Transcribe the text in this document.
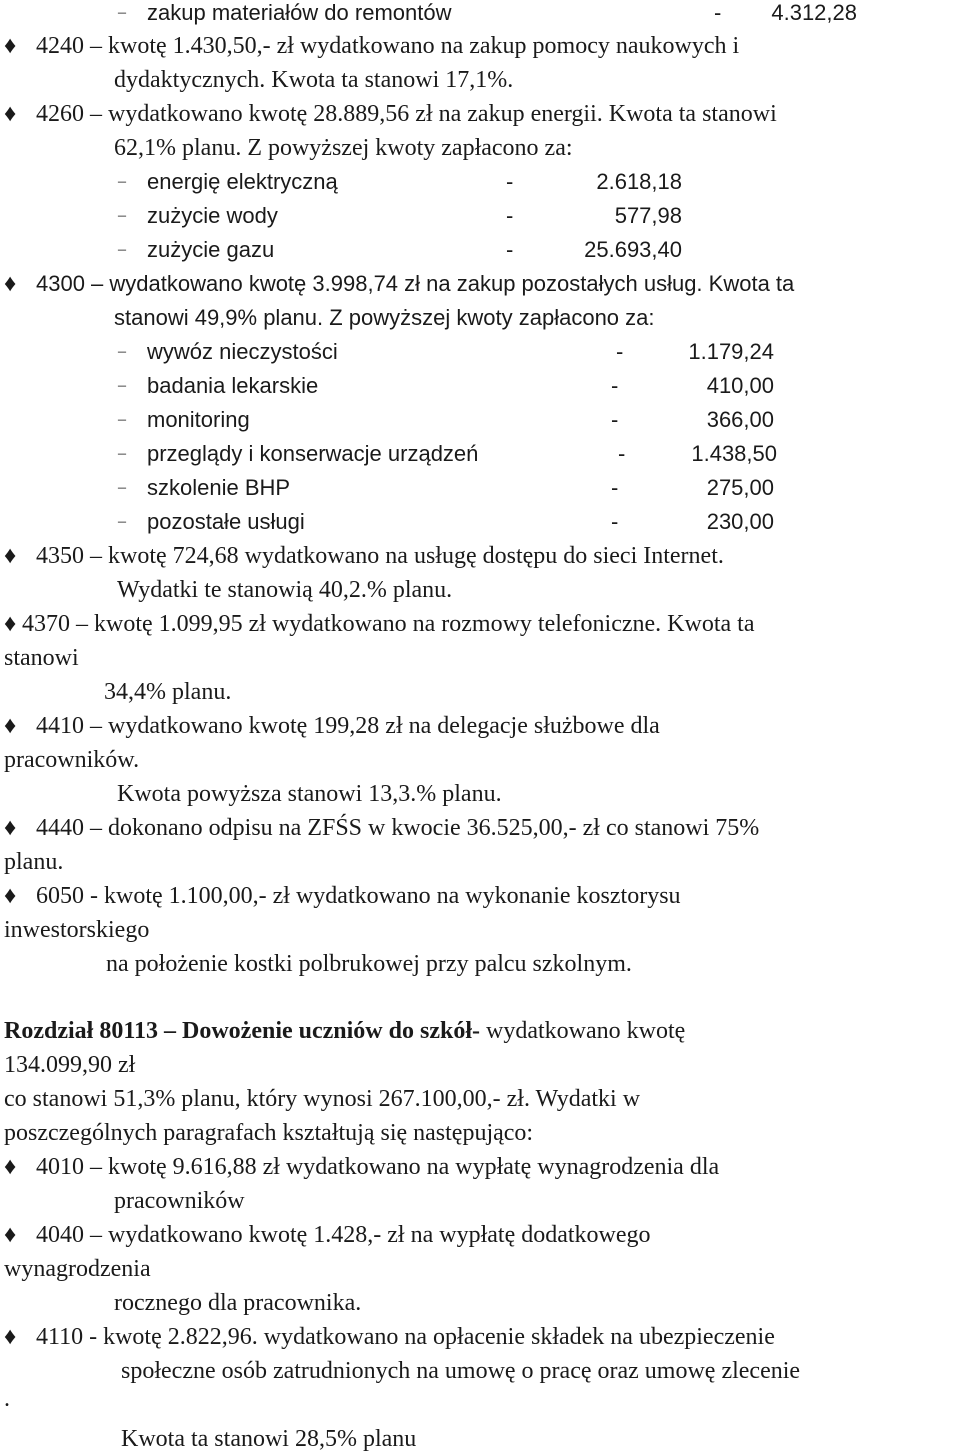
– zakup materiałów do remontów	- 4.312,28
♦ 4240 – kwotę 1.430,50,- zł wydatkowano na zakup pomocy naukowych i
dydaktycznych. Kwota ta stanowi 17,1%.
♦ 4260 – wydatkowano kwotę 28.889,56 zł na zakup energii. Kwota ta stanowi
62,1% planu. Z powyższej kwoty zapłacono za:
– energię elektryczną	-	2.618,18
– zużycie wody	-	577,98
– zużycie gazu	-	25.693,40
♦ 4300 – wydatkowano kwotę 3.998,74 zł na zakup pozostałych usług. Kwota ta
stanowi 49,9% planu. Z powyższej kwoty zapłacono za:
– wywóz nieczystości	-	1.179,24
– badania lekarskie	-	410,00
– monitoring	-	366,00
– przeglądy i konserwacje urządzeń	-	1.438,50
– szkolenie BHP	-	275,00
– pozostałe usługi	-	230,00
♦ 4350 – kwotę 724,68 wydatkowano na usługę dostępu do sieci Internet.
Wydatki te stanowią 40,2.% planu.
♦ 4370 – kwotę 1.099,95 zł wydatkowano na rozmowy telefoniczne. Kwota ta
stanowi
34,4% planu.
♦ 4410 – wydatkowano kwotę 199,28 zł na delegacje służbowe dla
pracowników.
Kwota powyższa stanowi 13,3.% planu.
♦ 4440 – dokonano odpisu na ZFŚS w kwocie 36.525,00,- zł co stanowi 75%
planu.
♦ 6050 - kwotę 1.100,00,- zł wydatkowano na wykonanie kosztorysu
inwestorskiego
na położenie kostki polbrukowej przy palcu szkolnym.
Rozdział 80113 – Dowożenie uczniów do szkół- wydatkowano kwotę
134.099,90 zł
co stanowi 51,3% planu, który wynosi 267.100,00,- zł. Wydatki w
poszczególnych paragrafach kształtują się następująco:
♦ 4010 – kwotę 9.616,88 zł wydatkowano na wypłatę wynagrodzenia dla
pracowników
♦ 4040 – wydatkowano kwotę 1.428,- zł na wypłatę dodatkowego
wynagrodzenia
rocznego dla pracownika.
♦ 4110 - kwotę 2.822,96. wydatkowano na opłacenie składek na ubezpieczenie
społeczne osób zatrudnionych na umowę o pracę oraz umowę zlecenie
.
Kwota ta stanowi 28,5% planu
